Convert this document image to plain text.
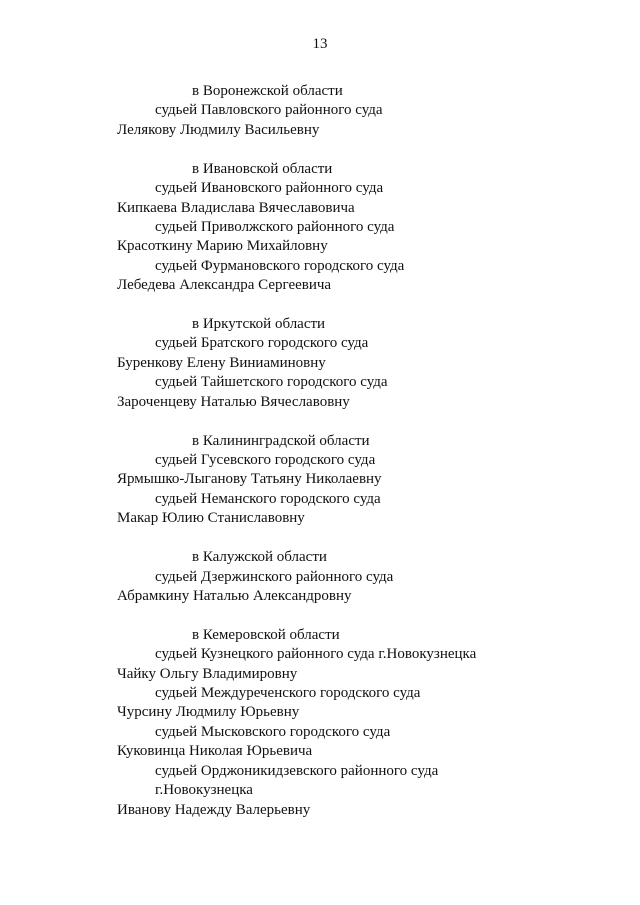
13
в Воронежской области
судьей Павловского районного суда
Лелякову Людмилу Васильевну
в Ивановской области
судьей Ивановского районного суда
Кипкаева Владислава Вячеславовича
судьей Приволжского районного суда
Красоткину Марию Михайловну
судьей Фурмановского городского суда
Лебедева Александра Сергеевича
в Иркутской области
судьей Братского городского суда
Буренкову Елену Виниаминовну
судьей Тайшетского городского суда
Зароченцеву Наталью Вячеславовну
в Калининградской области
судьей Гусевского городского суда
Ярмышко-Лыганову Татьяну Николаевну
судьей Неманского городского суда
Макар Юлию Станиславовну
в Калужской области
судьей Дзержинского районного суда
Абрамкину Наталью Александровну
в Кемеровской области
судьей Кузнецкого районного суда г.Новокузнецка
Чайку Ольгу Владимировну
судьей Междуреченского городского суда
Чурсину Людмилу Юрьевну
судьей Мысковского городского суда
Куковинца Николая Юрьевича
судьей Орджоникидзевского районного суда
г.Новокузнецка
Иванову Надежду Валерьевну
